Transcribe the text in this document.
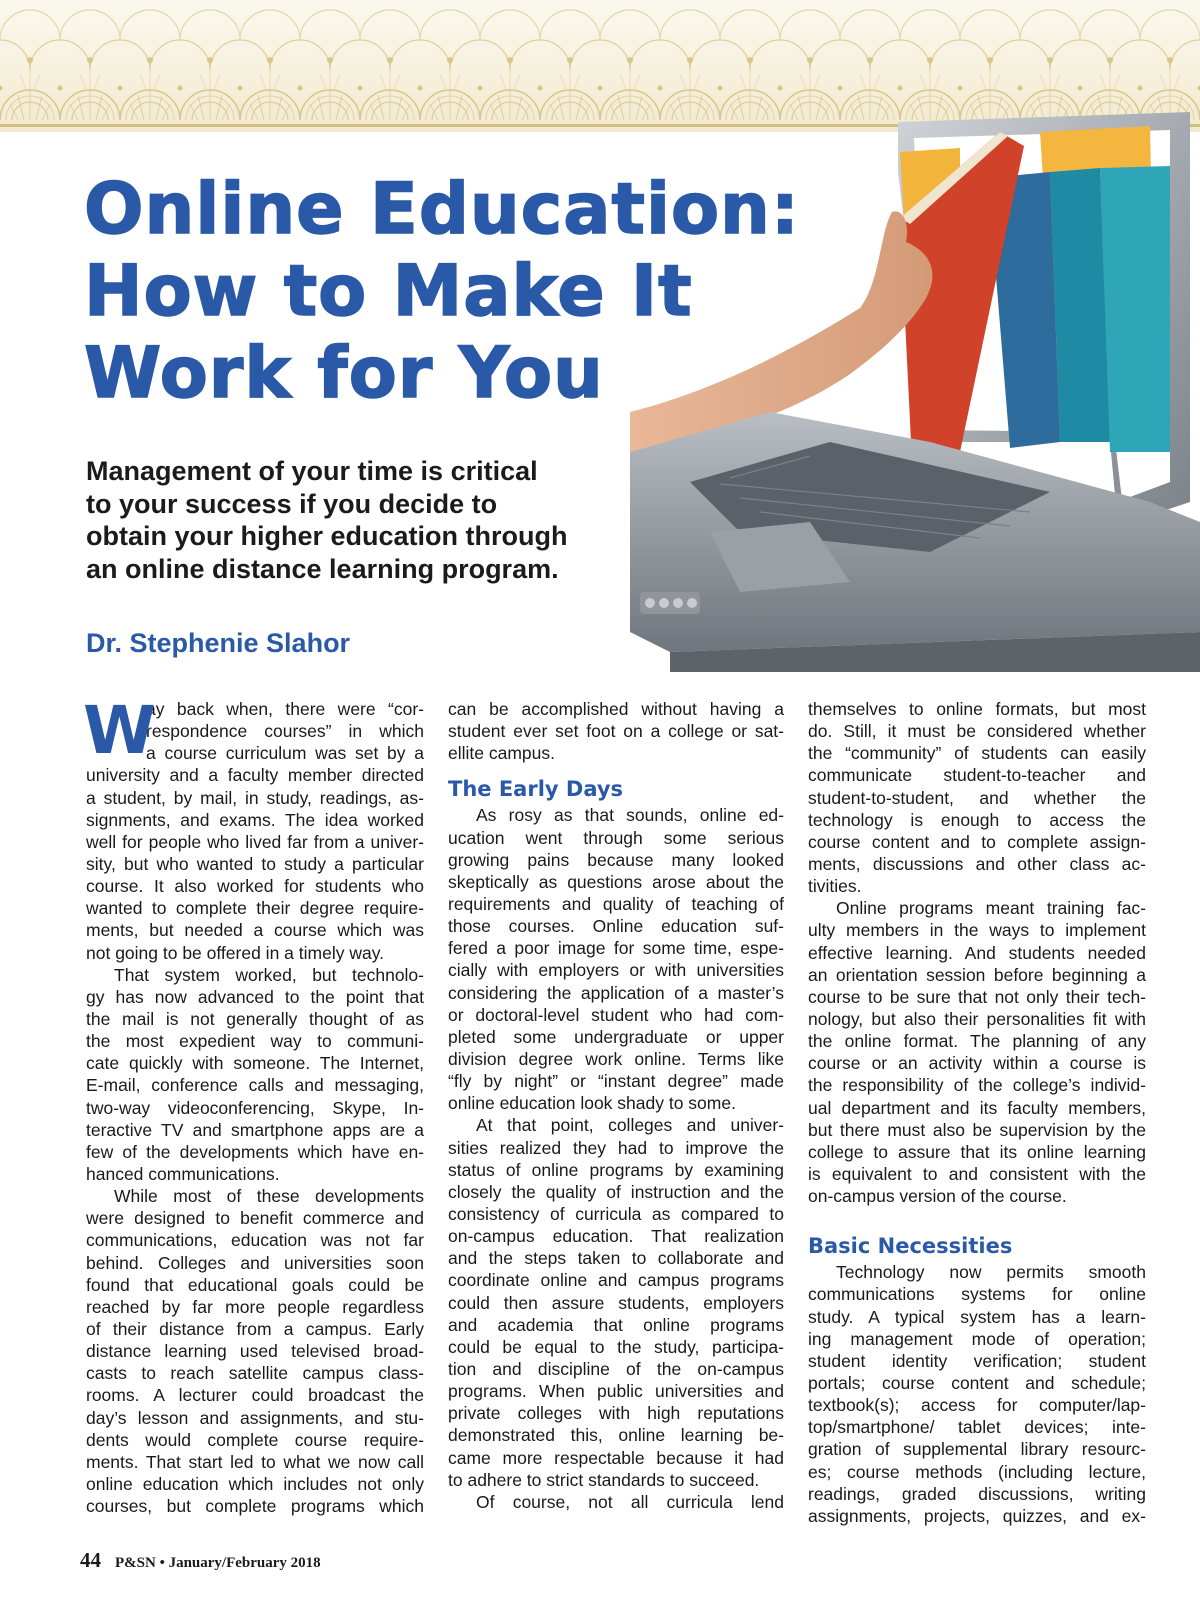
Online Education:
How to Make It
Work for You

Management of your time is critical
to your success if you decide to
obtain your higher education through
an online distance learning program.

Dr. Stephenie Slahor

W
ay back when, there were “cor-
respondence courses” in which
a course curriculum was set by a
university and a faculty member directed
a student, by mail, in study, readings, as-
signments, and exams. The idea worked
well for people who lived far from a univer-
sity, but who wanted to study a particular
course. It also worked for students who
wanted to complete their degree require-
ments, but needed a course which was
not going to be offered in a timely way.
That system worked, but technolo-
gy has now advanced to the point that
the mail is not generally thought of as
the most expedient way to communi-
cate quickly with someone. The Internet,
E-mail, conference calls and messaging,
two-way videoconferencing, Skype, In-
teractive TV and smartphone apps are a
few of the developments which have en-
hanced communications.
While most of these developments
were designed to benefit commerce and
communications, education was not far
behind. Colleges and universities soon
found that educational goals could be
reached by far more people regardless
of their distance from a campus. Early
distance learning used televised broad-
casts to reach satellite campus class-
rooms. A lecturer could broadcast the
day’s lesson and assignments, and stu-
dents would complete course require-
ments. That start led to what we now call
online education which includes not only
courses, but complete programs which
can be accomplished without having a
student ever set foot on a college or sat-
ellite campus.
The Early Days
As rosy as that sounds, online ed-
ucation went through some serious
growing pains because many looked
skeptically as questions arose about the
requirements and quality of teaching of
those courses. Online education suf-
fered a poor image for some time, espe-
cially with employers or with universities
considering the application of a master’s
or doctoral-level student who had com-
pleted some undergraduate or upper
division degree work online. Terms like
“fly by night” or “instant degree” made
online education look shady to some.
At that point, colleges and univer-
sities realized they had to improve the
status of online programs by examining
closely the quality of instruction and the
consistency of curricula as compared to
on-campus education. That realization
and the steps taken to collaborate and
coordinate online and campus programs
could then assure students, employers
and academia that online programs
could be equal to the study, participa-
tion and discipline of the on-campus
programs. When public universities and
private colleges with high reputations
demonstrated this, online learning be-
came more respectable because it had
to adhere to strict standards to succeed.
Of course, not all curricula lend
themselves to online formats, but most
do. Still, it must be considered whether
the “community” of students can easily
communicate student-to-teacher and
student-to-student, and whether the
technology is enough to access the
course content and to complete assign-
ments, discussions and other class ac-
tivities.
Online programs meant training fac-
ulty members in the ways to implement
effective learning. And students needed
an orientation session before beginning a
course to be sure that not only their tech-
nology, but also their personalities fit with
the online format. The planning of any
course or an activity within a course is
the responsibility of the college’s individ-
ual department and its faculty members,
but there must also be supervision by the
college to assure that its online learning
is equivalent to and consistent with the
on-campus version of the course.
Basic Necessities
Technology now permits smooth
communications systems for online
study. A typical system has a learn-
ing management mode of operation;
student identity verification; student
portals; course content and schedule;
textbook(s); access for computer/lap-
top/smartphone/ tablet devices; inte-
gration of supplemental library resourc-
es; course methods (including lecture,
readings, graded discussions, writing
assignments, projects, quizzes, and ex-
44 P&SN • January/February 2018
